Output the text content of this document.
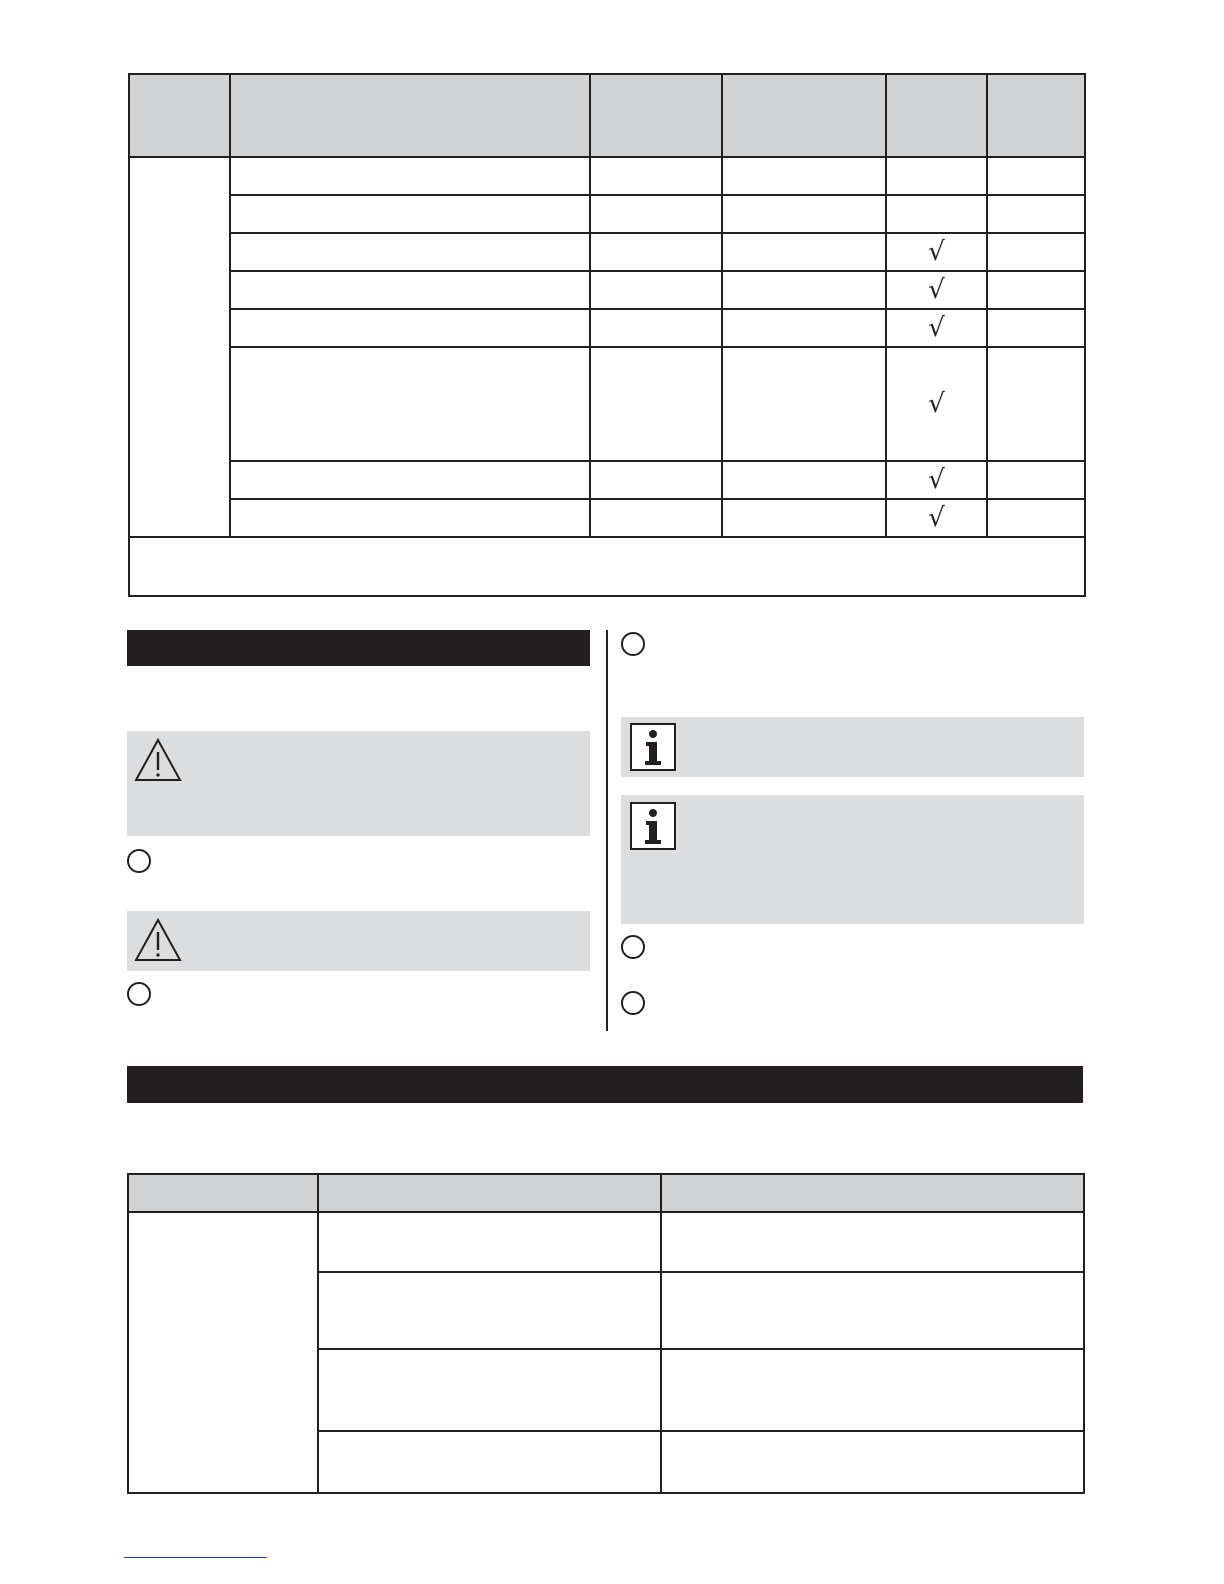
				√	
				√	
				√	
				√	
				√	
				√	
